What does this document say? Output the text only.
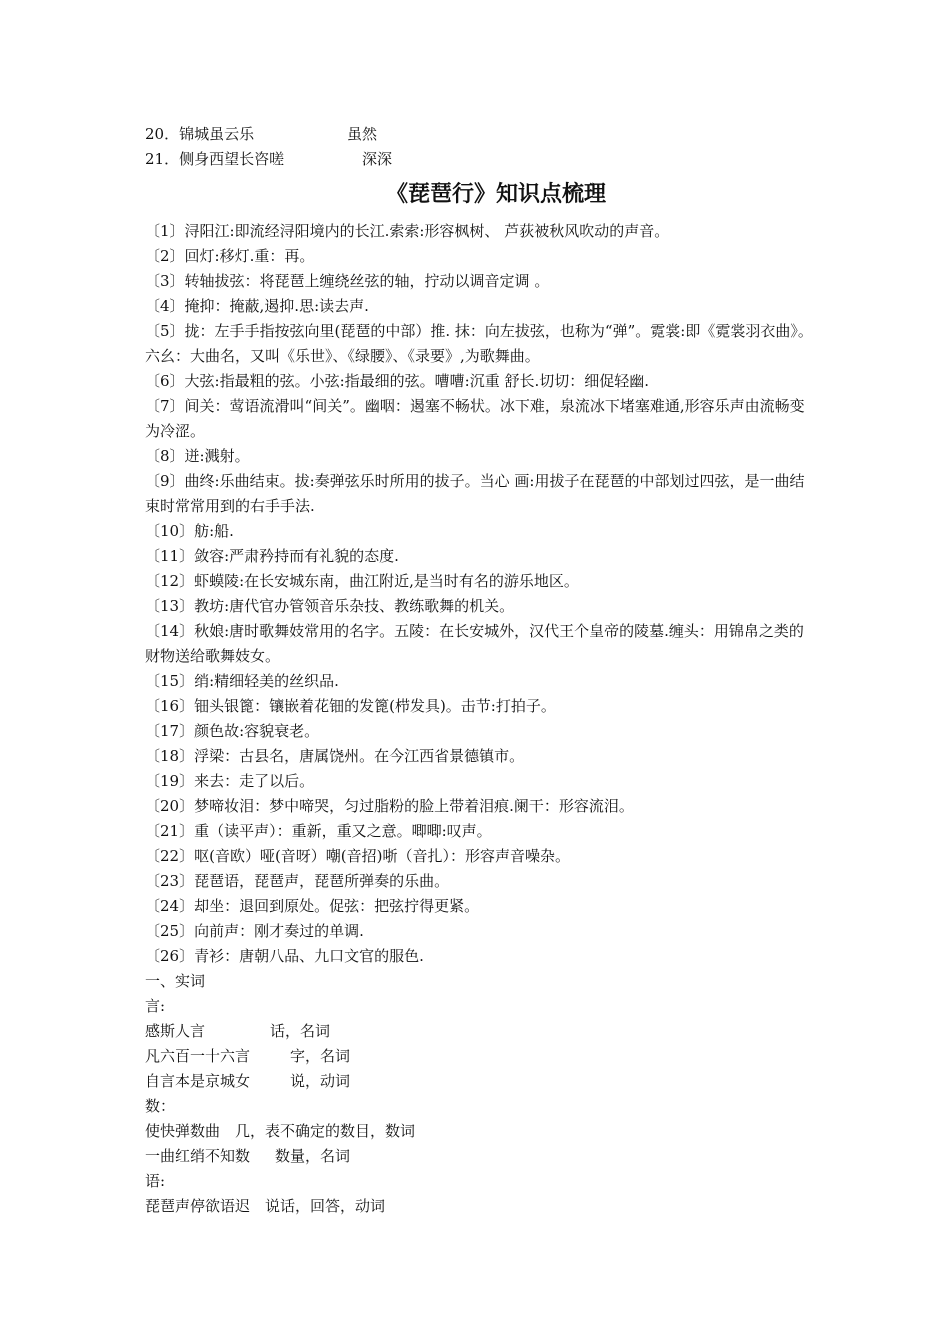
20．锦城虽云乐	虽然
21．侧身西望长咨嗟	深深
《琵琶行》知识点梳理

〔1〕浔阳江:即流经浔阳境内的长江.索索:形容枫树、 芦荻被秋风吹动的声音。

〔2〕回灯:移灯.重：再。

〔3〕转轴拔弦：将琵琶上缠绕丝弦的轴，拧动以调音定调 。

〔4〕掩抑：掩蔽,遏抑.思:读去声.

〔5〕拢：左手手指按弦向里(琵琶的中部）推. 抹：向左拔弦，也称为“弹”。霓裳:即《霓裳羽衣曲》。六幺：大曲名，又叫《乐世》、《绿腰》、《录要》,为歌舞曲。

〔6〕大弦:指最粗的弦。小弦:指最细的弦。嘈嘈:沉重 舒长.切切：细促轻幽.

〔7〕间关：莺语流滑叫“间关”。幽咽：遏塞不畅状。冰下难，泉流冰下堵塞难通,形容乐声由流畅变为冷涩。

〔8〕迸:溅射。

〔9〕曲终:乐曲结束。拔:奏弹弦乐时所用的拔子。当心 画:用拔子在琵琶的中部划过四弦，是一曲结束时常常用到的右手手法.

〔10〕舫:船.

〔11〕敛容:严肃矜持而有礼貌的态度.

〔12〕虾蟆陵:在长安城东南，曲江附近,是当时有名的游乐地区。

〔13〕教坊:唐代官办管领音乐杂技、教练歌舞的机关。

〔14〕秋娘:唐时歌舞妓常用的名字。五陵：在长安城外，汉代王个皇帝的陵墓.缠头：用锦帛之类的财物送给歌舞妓女。

〔15〕绡:精细轻美的丝织品.

〔16〕钿头银篦：镶嵌着花钿的发篦(栉发具)。击节:打拍子。

〔17〕颜色故:容貌衰老。

〔18〕浮梁：古县名，唐属饶州。在今江西省景德镇市。

〔19〕来去：走了以后。

〔20〕梦啼妆泪：梦中啼哭，匀过脂粉的脸上带着泪痕.阑干：形容流泪。

〔21〕重（读平声）：重新，重又之意。唧唧:叹声。

〔22〕呕(音欧）哑(音呀）嘲(音招)哳（音扎）：形容声音噪杂。

〔23〕琵琶语，琵琶声，琵琶所弹奏的乐曲。

〔24〕却坐：退回到原处。促弦：把弦拧得更紧。

〔25〕向前声：刚才奏过的单调.

〔26〕青衫：唐朝八品、九口文官的服色.

一、实词
言:
感斯人言	话，名词
凡六百一十六言	字，名词
自言本是京城女	说，动词
数：
使快弹数曲 几，表不确定的数目，数词
一曲红绡不知数 数量，名词
语:
琵琶声停欲语迟 说话，回答，动词
